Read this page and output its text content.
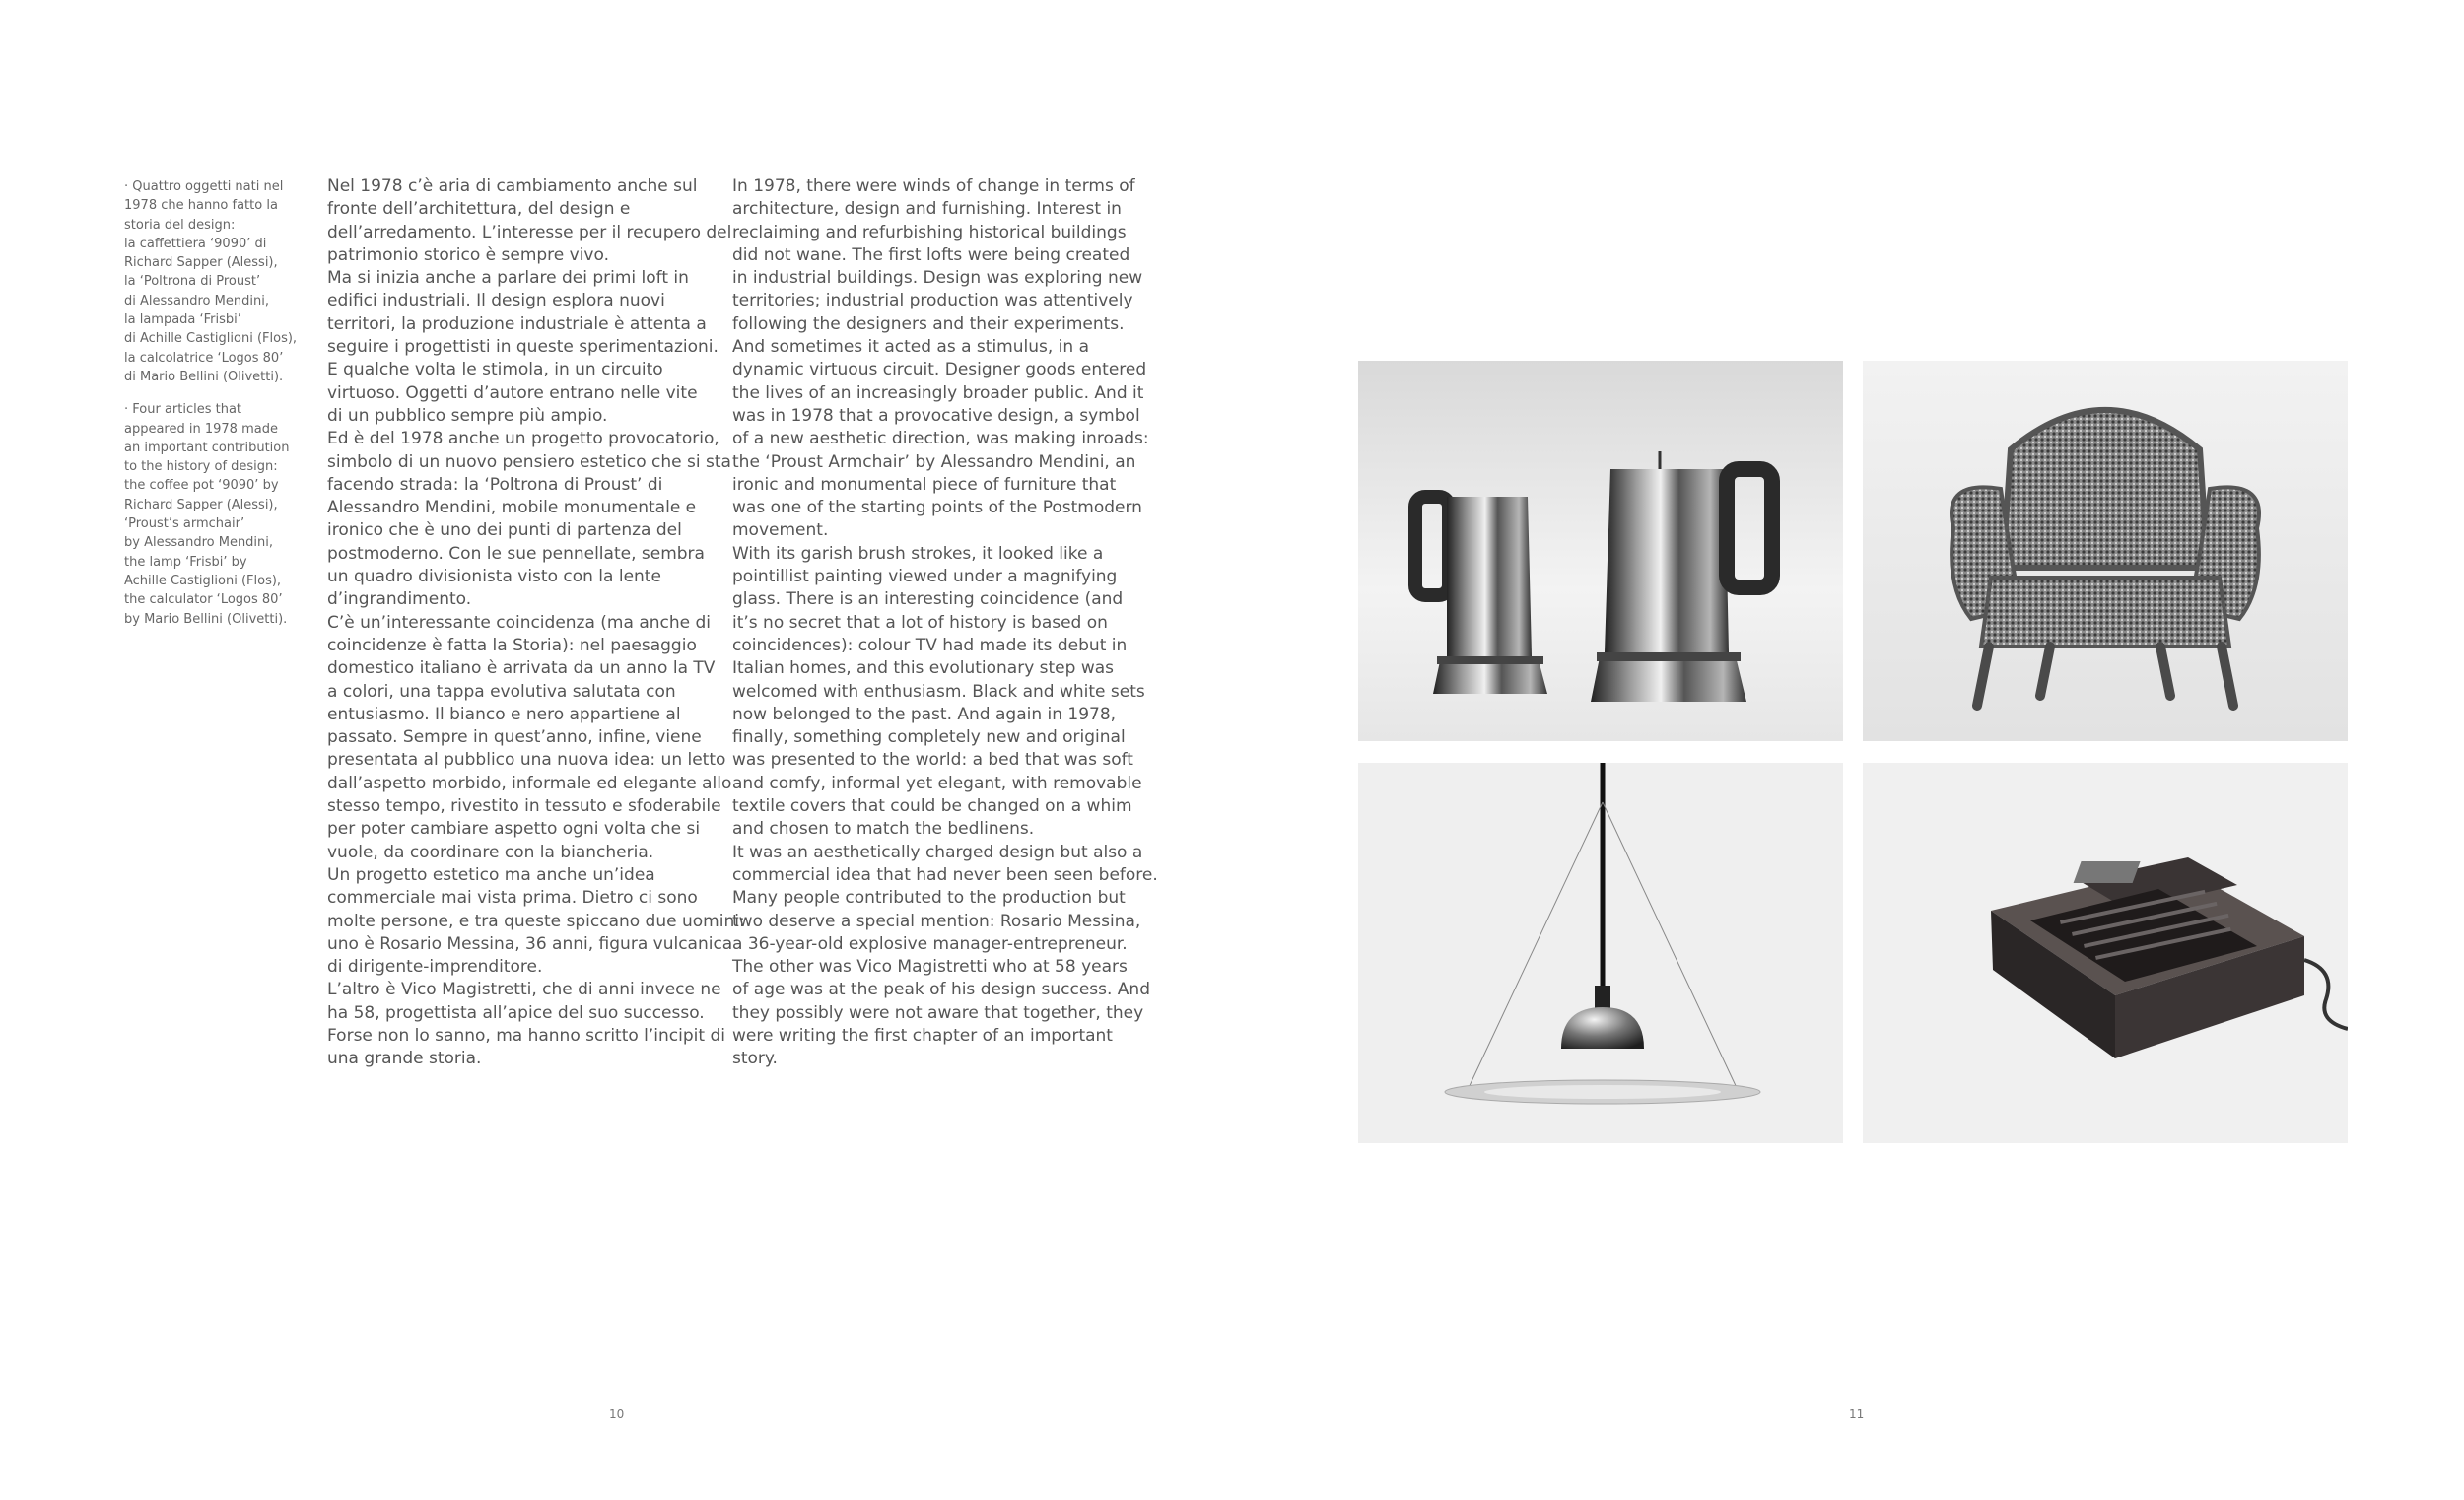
· Quattro oggetti nati nel
1978 che hanno fatto la
storia del design:
la caffettiera ‘9090’ di
Richard Sapper (Alessi),
la ‘Poltrona di Proust’
di Alessandro Mendini,
la lampada ‘Frisbi’
di Achille Castiglioni (Flos),
la calcolatrice ‘Logos 80’
di Mario Bellini (Olivetti).
· Four articles that
appeared in 1978 made
an important contribution
to the history of design:
the coffee pot ‘9090’ by
Richard Sapper (Alessi),
‘Proust’s armchair’
by Alessandro Mendini,
the lamp ‘Frisbi’ by
Achille Castiglioni (Flos),
the calculator ‘Logos 80’
by Mario Bellini (Olivetti).
Nel 1978 c’è aria di cambiamento anche sul
fronte dell’architettura, del design e
dell’arredamento. L’interesse per il recupero del
patrimonio storico è sempre vivo.
Ma si inizia anche a parlare dei primi loft in
edifici industriali. Il design esplora nuovi
territori, la produzione industriale è attenta a
seguire i progettisti in queste sperimentazioni.
E qualche volta le stimola, in un circuito
virtuoso. Oggetti d’autore entrano nelle vite
di un pubblico sempre più ampio.
Ed è del 1978 anche un progetto provocatorio,
simbolo di un nuovo pensiero estetico che si sta
facendo strada: la ‘Poltrona di Proust’ di
Alessandro Mendini, mobile monumentale e
ironico che è uno dei punti di partenza del
postmoderno. Con le sue pennellate, sembra
un quadro divisionista visto con la lente
d’ingrandimento.
C’è un’interessante coincidenza (ma anche di
coincidenze è fatta la Storia): nel paesaggio
domestico italiano è arrivata da un anno la TV
a colori, una tappa evolutiva salutata con
entusiasmo. Il bianco e nero appartiene al
passato. Sempre in quest’anno, infine, viene
presentata al pubblico una nuova idea: un letto
dall’aspetto morbido, informale ed elegante allo
stesso tempo, rivestito in tessuto e sfoderabile
per poter cambiare aspetto ogni volta che si
vuole, da coordinare con la biancheria.
Un progetto estetico ma anche un’idea
commerciale mai vista prima. Dietro ci sono
molte persone, e tra queste spiccano due uomini:
uno è Rosario Messina, 36 anni, figura vulcanica
di dirigente-imprenditore.
L’altro è Vico Magistretti, che di anni invece ne
ha 58, progettista all’apice del suo successo.
Forse non lo sanno, ma hanno scritto l’incipit di
una grande storia.
In 1978, there were winds of change in terms of
architecture, design and furnishing. Interest in
reclaiming and refurbishing historical buildings
did not wane. The first lofts were being created
in industrial buildings. Design was exploring new
territories; industrial production was attentively
following the designers and their experiments.
And sometimes it acted as a stimulus, in a
dynamic virtuous circuit. Designer goods entered
the lives of an increasingly broader public. And it
was in 1978 that a provocative design, a symbol
of a new aesthetic direction, was making inroads:
the ‘Proust Armchair’ by Alessandro Mendini, an
ironic and monumental piece of furniture that
was one of the starting points of the Postmodern
movement.
With its garish brush strokes, it looked like a
pointillist painting viewed under a magnifying
glass. There is an interesting coincidence (and
it’s no secret that a lot of history is based on
coincidences): colour TV had made its debut in
Italian homes, and this evolutionary step was
welcomed with enthusiasm. Black and white sets
now belonged to the past. And again in 1978,
finally, something completely new and original
was presented to the world: a bed that was soft
and comfy, informal yet elegant, with removable
textile covers that could be changed on a whim
and chosen to match the bedlinens.
It was an aesthetically charged design but also a
commercial idea that had never been seen before.
Many people contributed to the production but
two deserve a special mention: Rosario Messina,
a 36-year-old explosive manager-entrepreneur.
The other was Vico Magistretti who at 58 years
of age was at the peak of his design success. And
they possibly were not aware that together, they
were writing the first chapter of an important
story.
10	11
